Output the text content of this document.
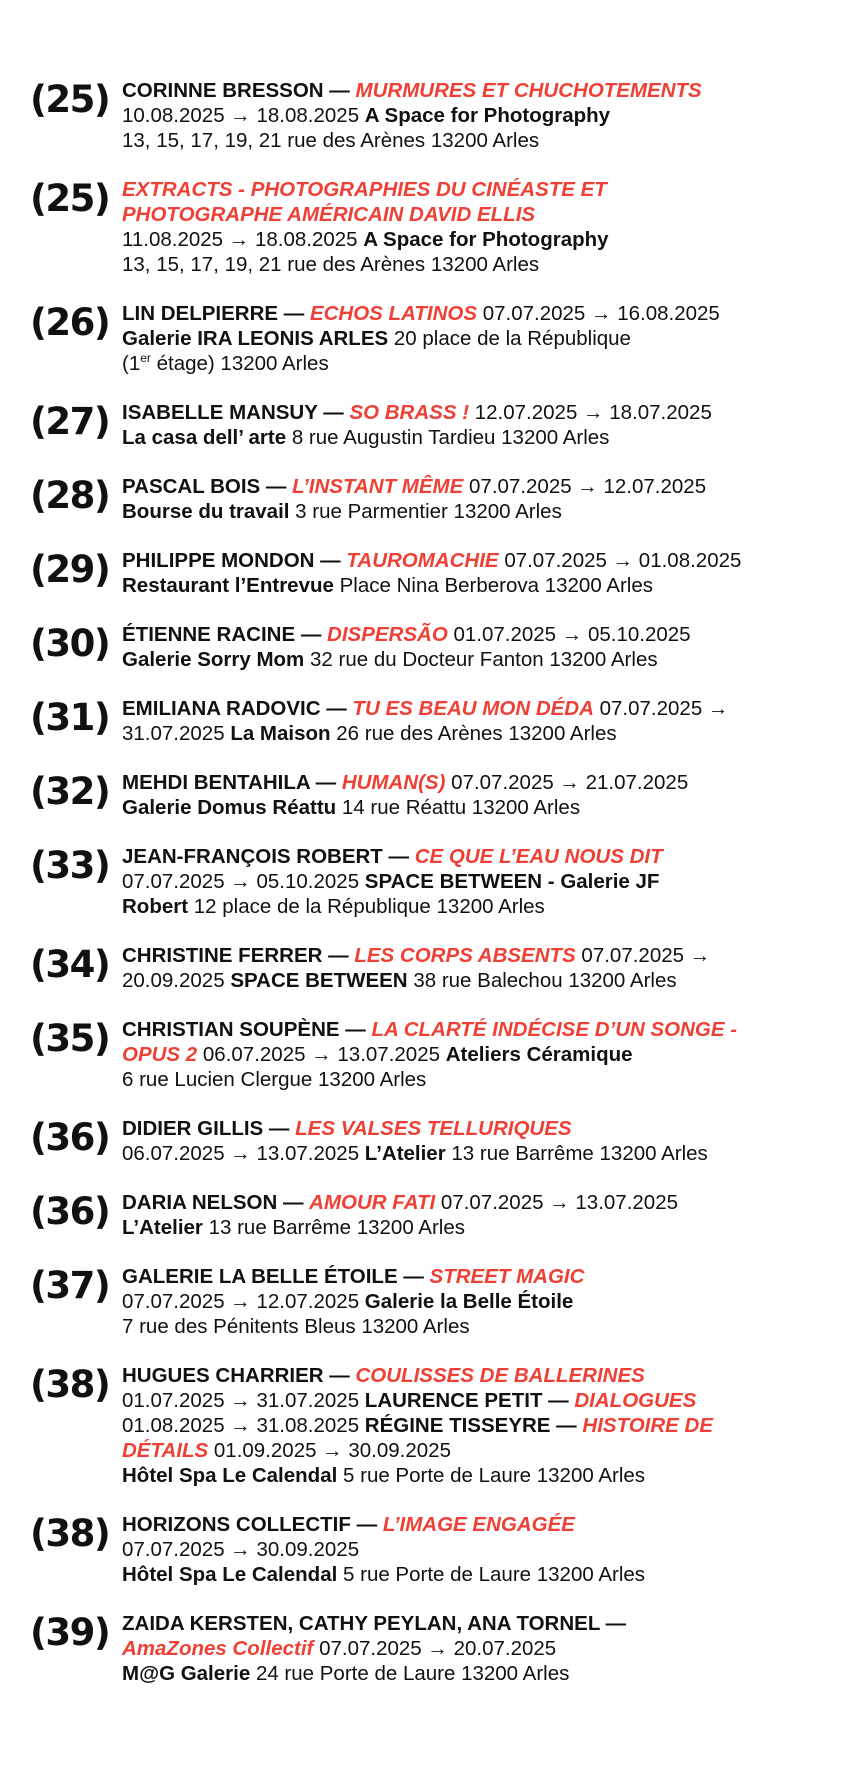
(25) CORINNE BRESSON — MURMURES ET CHUCHOTEMENTS
10.08.2025 → 18.08.2025 A Space for Photography
13, 15, 17, 19, 21 rue des Arènes 13200 Arles
(25) EXTRACTS - PHOTOGRAPHIES DU CINÉASTE ET
PHOTOGRAPHE AMÉRICAIN DAVID ELLIS
11.08.2025 → 18.08.2025 A Space for Photography
13, 15, 17, 19, 21 rue des Arènes 13200 Arles
(26) LIN DELPIERRE — ECHOS LATINOS 07.07.2025 → 16.08.2025
Galerie IRA LEONIS ARLES 20 place de la République
(1er étage) 13200 Arles
(27) ISABELLE MANSUY — SO BRASS ! 12.07.2025 → 18.07.2025
La casa dell’ arte 8 rue Augustin Tardieu 13200 Arles
(28) PASCAL BOIS — L’INSTANT MÊME 07.07.2025 → 12.07.2025
Bourse du travail 3 rue Parmentier 13200 Arles
(29) PHILIPPE MONDON — TAUROMACHIE 07.07.2025 → 01.08.2025
Restaurant l’Entrevue Place Nina Berberova 13200 Arles
(30) ÉTIENNE RACINE — DISPERSÃO 01.07.2025 → 05.10.2025
Galerie Sorry Mom 32 rue du Docteur Fanton 13200 Arles
(31) EMILIANA RADOVIC — TU ES BEAU MON DÉDA 07.07.2025 →
31.07.2025 La Maison 26 rue des Arènes 13200 Arles
(32) MEHDI BENTAHILA — HUMAN(S) 07.07.2025 → 21.07.2025
Galerie Domus Réattu 14 rue Réattu 13200 Arles
(33) JEAN-FRANÇOIS ROBERT — CE QUE L’EAU NOUS DIT
07.07.2025 → 05.10.2025 SPACE BETWEEN - Galerie JF
Robert 12 place de la République 13200 Arles
(34) CHRISTINE FERRER — LES CORPS ABSENTS 07.07.2025 →
20.09.2025 SPACE BETWEEN 38 rue Balechou 13200 Arles
(35) CHRISTIAN SOUPÈNE — LA CLARTÉ INDÉCISE D’UN SONGE -
OPUS 2 06.07.2025 → 13.07.2025 Ateliers Céramique
6 rue Lucien Clergue 13200 Arles
(36) DIDIER GILLIS — LES VALSES TELLURIQUES
06.07.2025 → 13.07.2025 L’Atelier 13 rue Barrême 13200 Arles
(36) DARIA NELSON — AMOUR FATI 07.07.2025 → 13.07.2025
L’Atelier 13 rue Barrême 13200 Arles
(37) GALERIE LA BELLE ÉTOILE — STREET MAGIC
07.07.2025 → 12.07.2025 Galerie la Belle Étoile
7 rue des Pénitents Bleus 13200 Arles
(38) HUGUES CHARRIER — COULISSES DE BALLERINES
01.07.2025 → 31.07.2025 LAURENCE PETIT — DIALOGUES
01.08.2025 → 31.08.2025 RÉGINE TISSEYRE — HISTOIRE DE
DÉTAILS 01.09.2025 → 30.09.2025
Hôtel Spa Le Calendal 5 rue Porte de Laure 13200 Arles
(38) HORIZONS COLLECTIF — L’IMAGE ENGAGÉE
07.07.2025 → 30.09.2025
Hôtel Spa Le Calendal 5 rue Porte de Laure 13200 Arles
(39) ZAIDA KERSTEN, CATHY PEYLAN, ANA TORNEL —
AmaZones Collectif 07.07.2025 → 20.07.2025
M@G Galerie 24 rue Porte de Laure 13200 Arles
